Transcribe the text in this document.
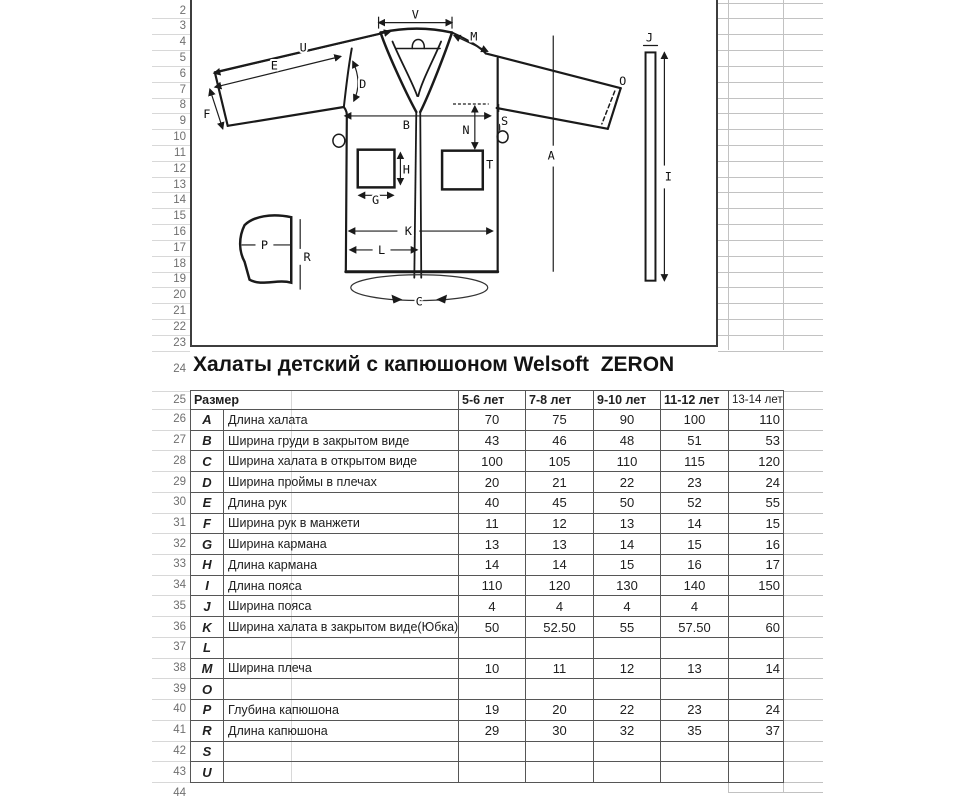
2
3
4
5
6
7
8
9
10
11
12
13
14
15
16
17
18
19
20
21
22
23
24
25
26
27
28
29
30
31
32
33
34
35
36
37
38
39
40
41
42
43
44
V
M
U
E
F
D
B	N
S
T
A
O
J
I
H
G
K
L
C
P
R
Халаты детский с капюшоном Welsoft  ZERON
Размер	5-6 лет	7-8 лет	9-10 лет	11-12 лет	13-14 лет
A	Длина халата	70	75	90	100	110
B	Ширина груди в закрытом виде	43	46	48	51	53
C	Ширина халата в открытом виде	100	105	110	115	120
D	Ширина проймы в плечах	20	21	22	23	24
E	Длина рук	40	45	50	52	55
F	Ширина рук в манжети	11	12	13	14	15
G	Ширина кармана	13	13	14	15	16
H	Длина кармана	14	14	15	16	17
I	Длина пояса	110	120	130	140	150
J	Ширина пояса	4	4	4	4
K	Ширина халата в закрытом виде(Юбка)	50	52.50	55	57.50	60
L
M	Ширина плеча	10	11	12	13	14
O
P	Глубина капюшона	19	20	22	23	24
R	Длина капюшона	29	30	32	35	37
S
U
